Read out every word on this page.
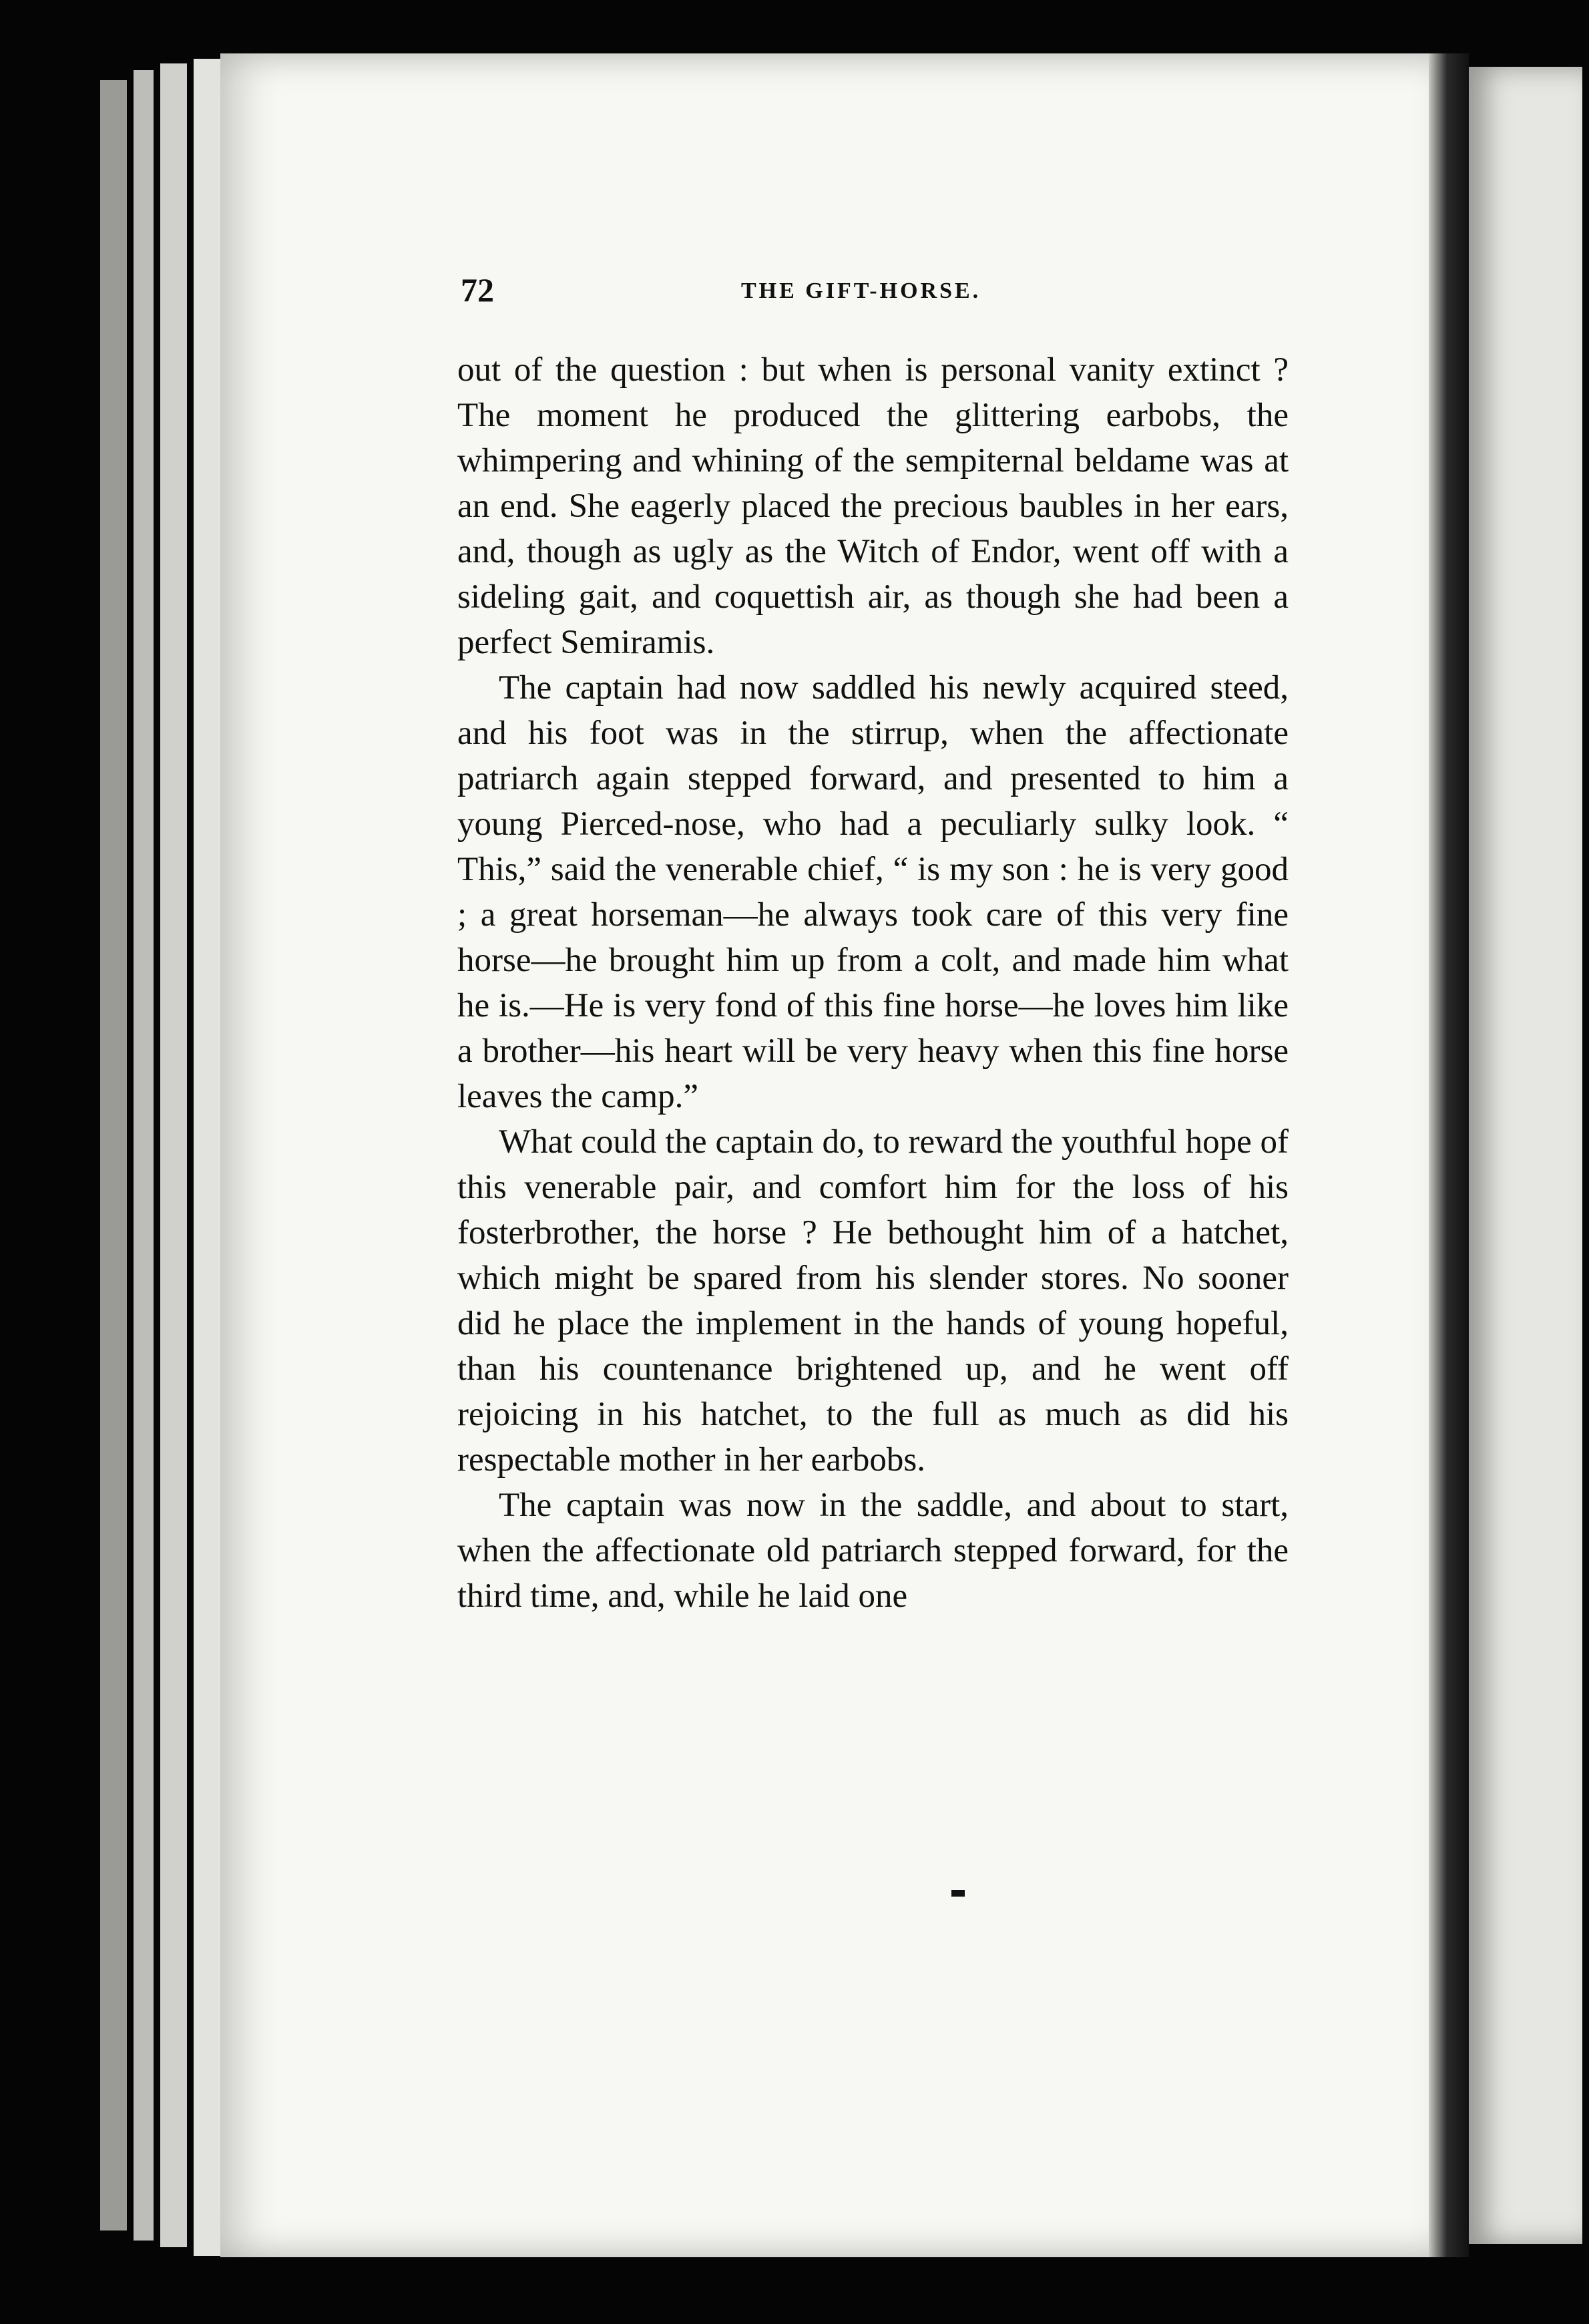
72	THE GIFT-HORSE.

out of the question : but when is personal vanity extinct ? The moment he produced the glittering earbobs, the whimpering and whining of the sempiternal beldame was at an end. She eagerly placed the precious baubles in her ears, and, though as ugly as the Witch of Endor, went off with a sideling gait, and coquettish air, as though she had been a perfect Semiramis.

The captain had now saddled his newly acquired steed, and his foot was in the stirrup, when the affectionate patriarch again stepped forward, and presented to him a young Pierced-nose, who had a peculiarly sulky look. “ This,” said the venerable chief, “ is my son : he is very good ; a great horseman—he always took care of this very fine horse—he brought him up from a colt, and made him what he is.—He is very fond of this fine horse—he loves him like a brother—his heart will be very heavy when this fine horse leaves the camp.”

What could the captain do, to reward the youthful hope of this venerable pair, and comfort him for the loss of his fosterbrother, the horse ? He bethought him of a hatchet, which might be spared from his slender stores. No sooner did he place the implement in the hands of young hopeful, than his countenance brightened up, and he went off rejoicing in his hatchet, to the full as much as did his respectable mother in her earbobs.

The captain was now in the saddle, and about to start, when the affectionate old patriarch stepped forward, for the third time, and, while he laid one
